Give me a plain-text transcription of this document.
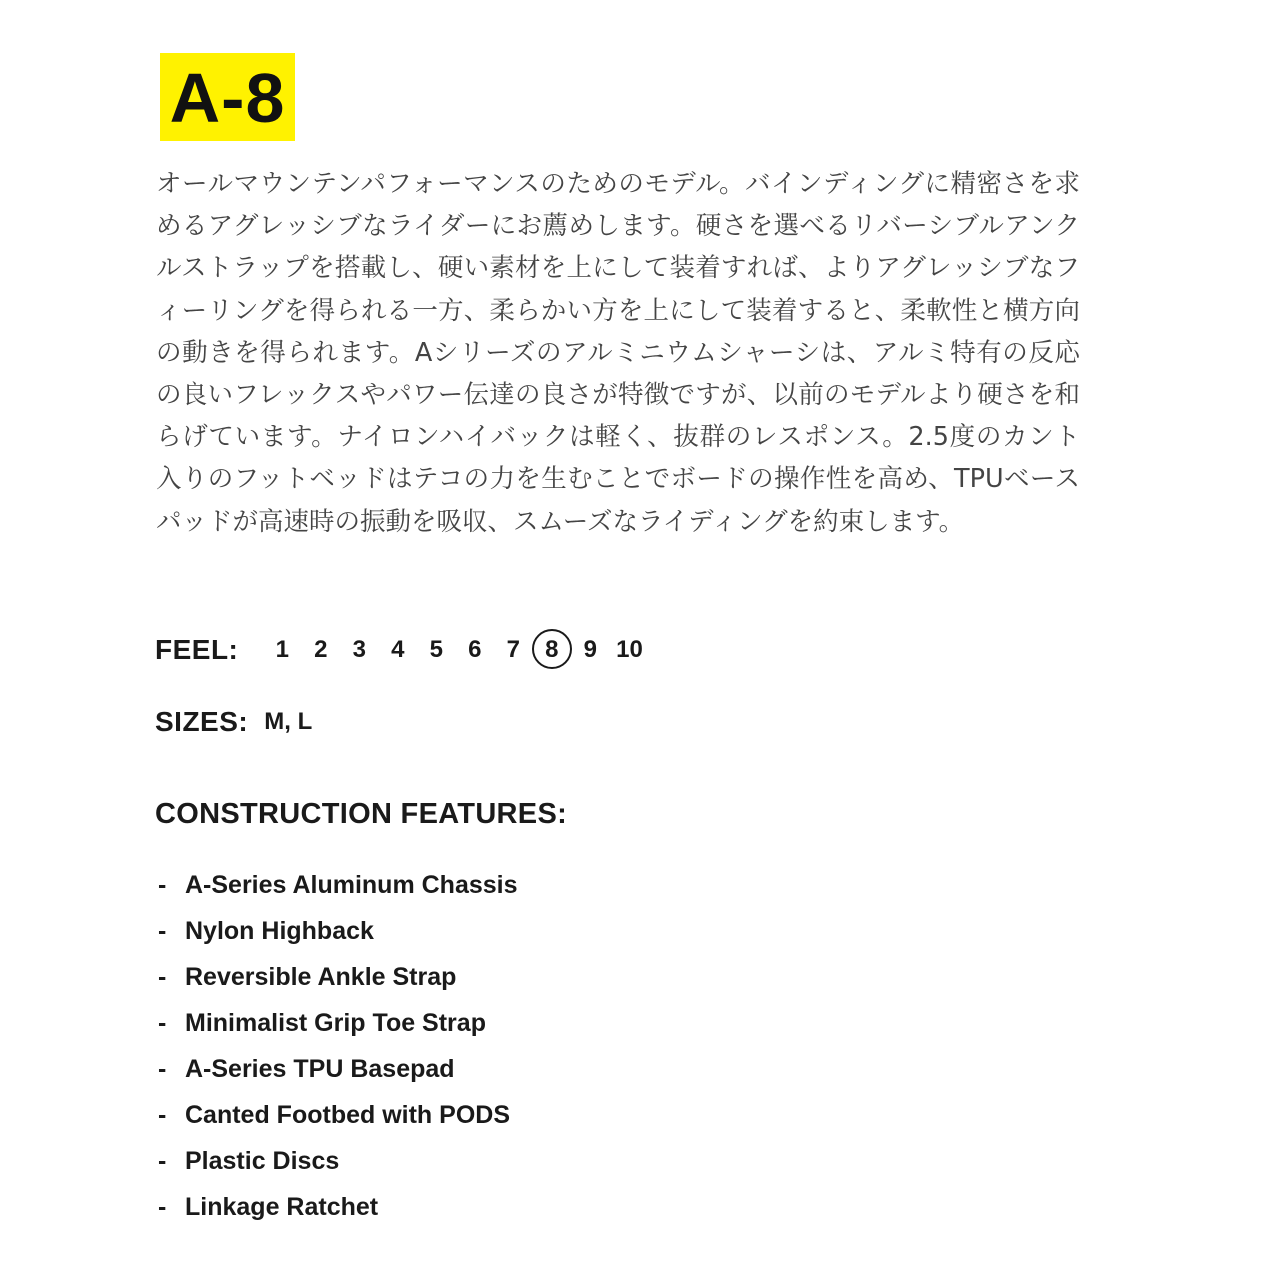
A-8

オールマウンテンパフォーマンスのためのモデル。バインディングに精密さを求めるアグレッシブなライダーにお薦めします。硬さを選べるリバーシブルアンクルストラップを搭載し、硬い素材を上にして装着すれば、よりアグレッシブなフィーリングを得られる一方、柔らかい方を上にして装着すると、柔軟性と横方向の動きを得られます。Aシリーズのアルミニウムシャーシは、アルミ特有の反応の良いフレックスやパワー伝達の良さが特徴ですが、以前のモデルより硬さを和らげています。ナイロンハイバックは軽く、抜群のレスポンス。2.5度のカント入りのフットベッドはテコの力を生むことでボードの操作性を高め、TPUベースパッドが高速時の振動を吸収、スムーズなライディングを約束します。

FEEL:	1	2	3	4	5	6	7	8	9 10
SIZES: M, L
CONSTRUCTION FEATURES:
- A-Series Aluminum Chassis
- Nylon Highback
- Reversible Ankle Strap
- Minimalist Grip Toe Strap
- A-Series TPU Basepad
- Canted Footbed with PODS
- Plastic Discs
- Linkage Ratchet
